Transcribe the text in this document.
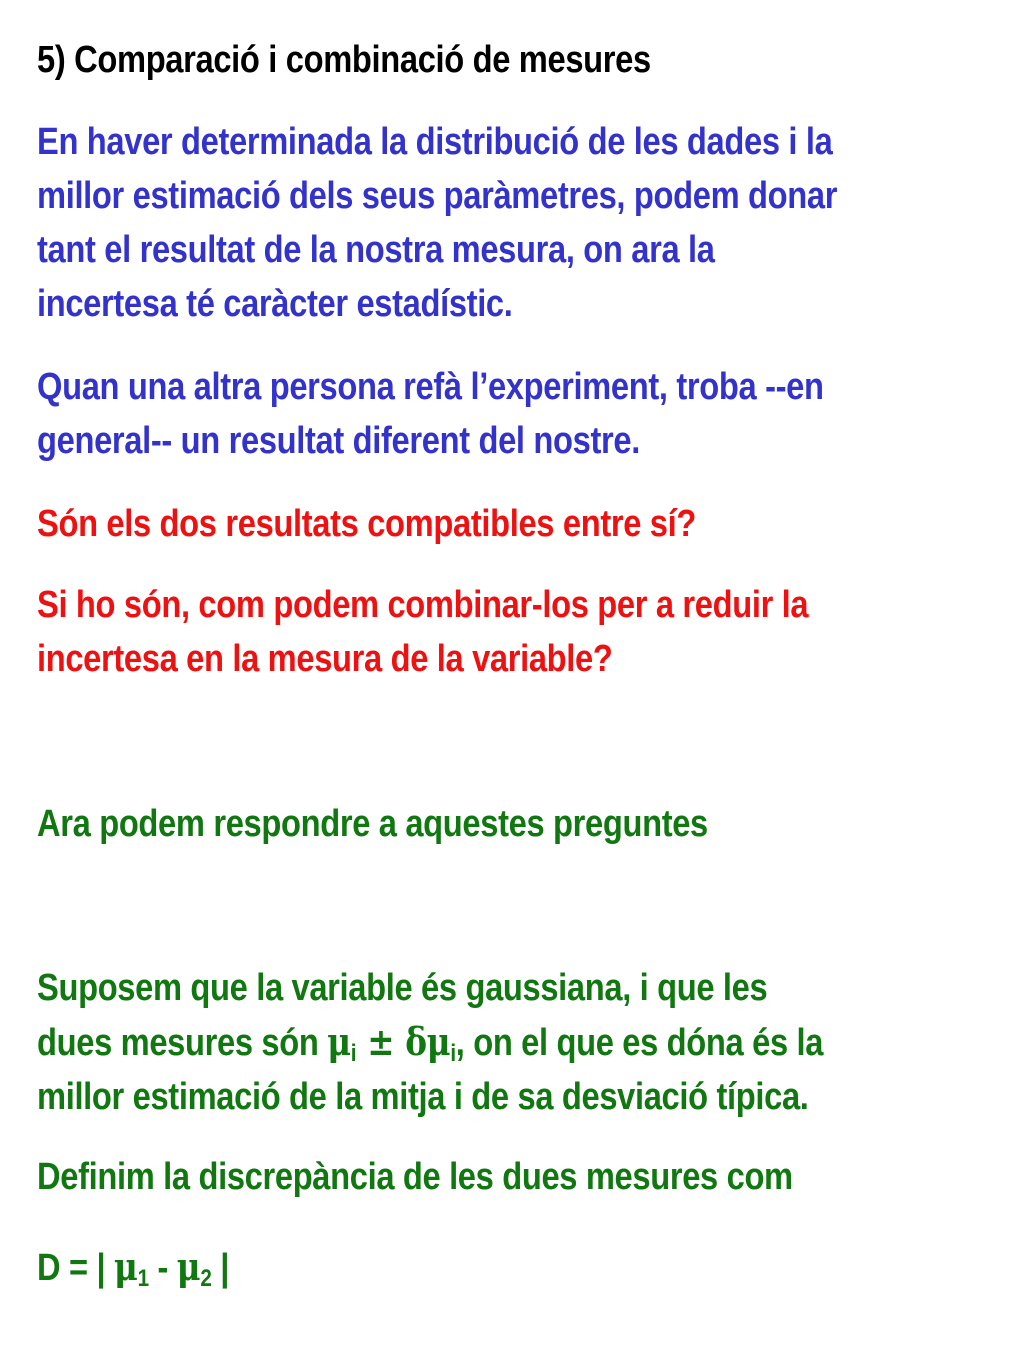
5) Comparació i combinació de mesures

En haver determinada la distribució de les dades i la
millor estimació dels seus paràmetres, podem donar
tant el resultat de la nostra mesura, on ara la
incertesa té caràcter estadístic.

Quan una altra persona refà l’experiment, troba --en
general-- un resultat diferent del nostre.

Són els dos resultats compatibles entre sí?

Si ho són, com podem combinar-los per a reduir la
incertesa en la mesura de la variable?

Ara podem respondre a aquestes preguntes

Suposem que la variable és gaussiana, i que les
dues mesures són $\mu_i \pm \delta\mu_i$, on el que es dóna és la
millor estimació de la mitja i de sa desviació típica.

Definim la discrepància de les dues mesures com

D = | $\mu_1 - \mu_2$ |
